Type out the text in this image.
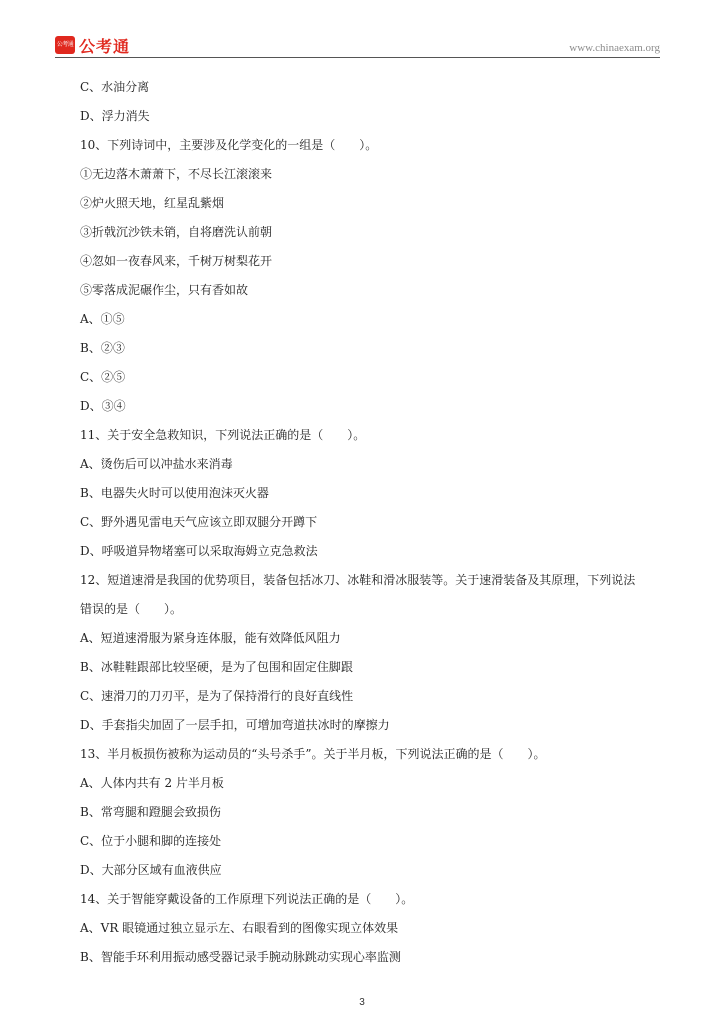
公考通 公考通	www.chinaexam.org
C、水油分离
D、浮力消失
10、下列诗词中，主要涉及化学变化的一组是（　　）。
①无边落木萧萧下，不尽长江滚滚来
②炉火照天地，红星乱紫烟
③折戟沉沙铁未销，自将磨洗认前朝
④忽如一夜春风来，千树万树梨花开
⑤零落成泥碾作尘，只有香如故
A、①⑤
B、②③
C、②⑤
D、③④
11、关于安全急救知识，下列说法正确的是（　　）。
A、烫伤后可以冲盐水来消毒
B、电器失火时可以使用泡沫灭火器
C、野外遇见雷电天气应该立即双腿分开蹲下
D、呼吸道异物堵塞可以采取海姆立克急救法
12、短道速滑是我国的优势项目，装备包括冰刀、冰鞋和滑冰服装等。关于速滑装备及其原理，下列说法
错误的是（　　）。
A、短道速滑服为紧身连体服，能有效降低风阻力
B、冰鞋鞋跟部比较坚硬，是为了包围和固定住脚跟
C、速滑刀的刀刃平，是为了保持滑行的良好直线性
D、手套指尖加固了一层手扣，可增加弯道扶冰时的摩擦力
13、半月板损伤被称为运动员的“头号杀手”。关于半月板，下列说法正确的是（　　）。
A、人体内共有 2 片半月板
B、常弯腿和蹬腿会致损伤
C、位于小腿和脚的连接处
D、大部分区域有血液供应
14、关于智能穿戴设备的工作原理下列说法正确的是（　　）。
A、VR 眼镜通过独立显示左、右眼看到的图像实现立体效果
B、智能手环利用振动感受器记录手腕动脉跳动实现心率监测
3
